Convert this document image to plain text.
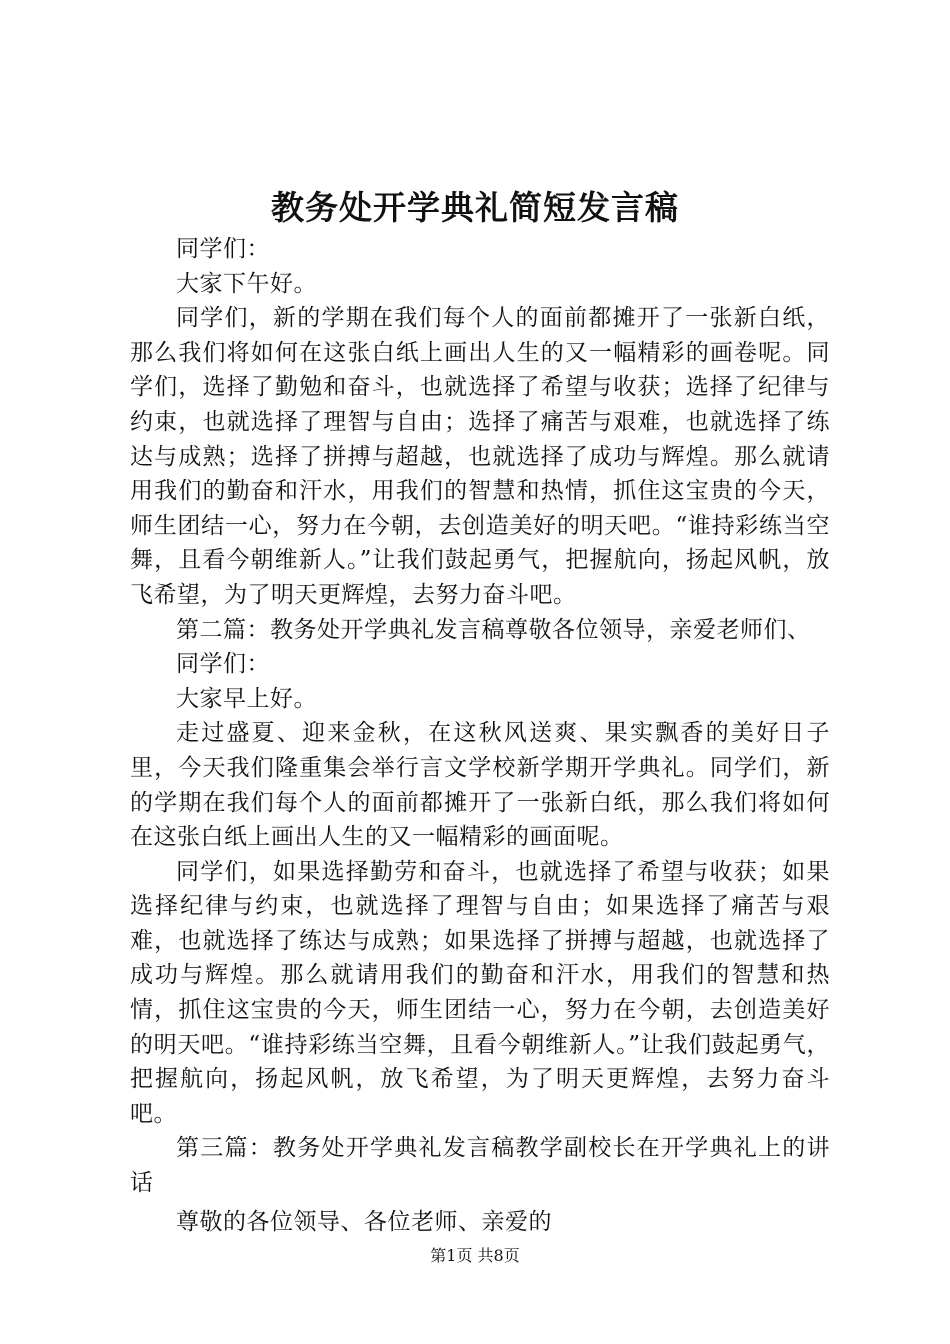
教务处开学典礼简短发言稿

同学们：

大家下午好。

同学们，新的学期在我们每个人的面前都摊开了一张新白纸，那么我们将如何在这张白纸上画出人生的又一幅精彩的画卷呢。同学们，选择了勤勉和奋斗，也就选择了希望与收获；选择了纪律与约束，也就选择了理智与自由；选择了痛苦与艰难，也就选择了练达与成熟；选择了拼搏与超越，也就选择了成功与辉煌。那么就请用我们的勤奋和汗水，用我们的智慧和热情，抓住这宝贵的今天，师生团结一心，努力在今朝，去创造美好的明天吧。“谁持彩练当空舞，且看今朝维新人。”让我们鼓起勇气，把握航向，扬起风帆，放飞希望，为了明天更辉煌，去努力奋斗吧。

第二篇：教务处开学典礼发言稿尊敬各位领导，亲爱老师们、

同学们：

大家早上好。

走过盛夏、迎来金秋，在这秋风送爽、果实飘香的美好日子里，今天我们隆重集会举行言文学校新学期开学典礼。同学们，新的学期在我们每个人的面前都摊开了一张新白纸，那么我们将如何在这张白纸上画出人生的又一幅精彩的画面呢。

同学们，如果选择勤劳和奋斗，也就选择了希望与收获；如果选择纪律与约束，也就选择了理智与自由；如果选择了痛苦与艰难，也就选择了练达与成熟；如果选择了拼搏与超越，也就选择了成功与辉煌。那么就请用我们的勤奋和汗水，用我们的智慧和热情，抓住这宝贵的今天，师生团结一心，努力在今朝，去创造美好的明天吧。“谁持彩练当空舞，且看今朝维新人。”让我们鼓起勇气，把握航向，扬起风帆，放飞希望，为了明天更辉煌，去努力奋斗吧。

第三篇：教务处开学典礼发言稿教学副校长在开学典礼上的讲话

尊敬的各位领导、各位老师、亲爱的

第1页 共8页
